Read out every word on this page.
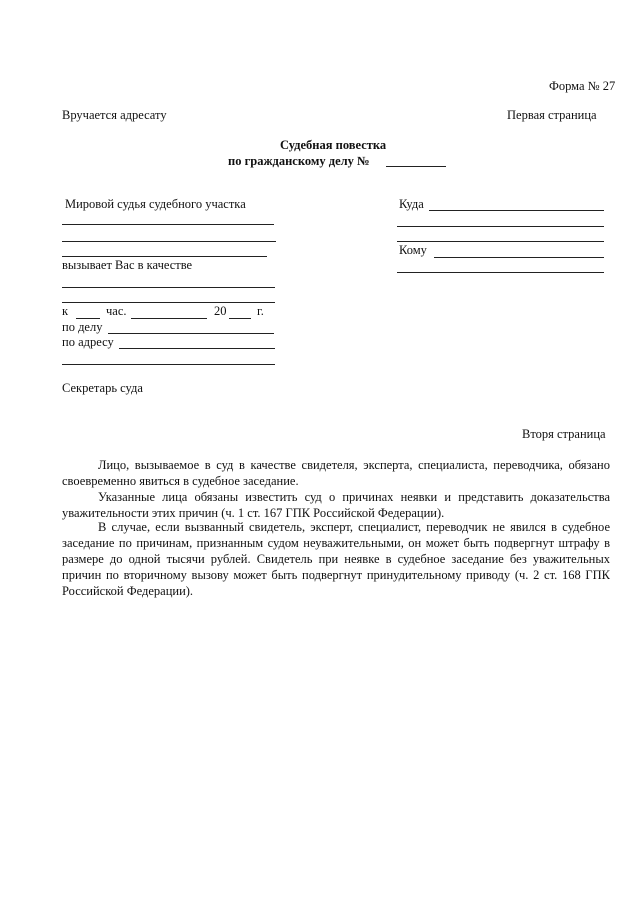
Форма № 27
Вручается адресату	Первая страница
Судебная повестка
по гражданскому делу №
Мировой судья судебного участка
вызывает Вас в качестве
к	час.	20 г.
по делу
по адресу
Куда
Кому
Секретарь суда
Вторя страница
Лицо, вызываемое в суд в качестве свидетеля, эксперта, специалиста, переводчика, обязано своевременно явиться в судебное заседание.
Указанные лица обязаны известить суд о причинах неявки и представить доказательства уважительности этих причин (ч. 1 ст. 167 ГПК Российской Федерации).
В случае, если вызванный свидетель, эксперт, специалист, переводчик не явился в судебное заседание по причинам, признанным судом неуважительными, он может быть подвергнут штрафу в размере до одной тысячи рублей. Свидетель при неявке в судебное заседание без уважительных причин по вторичному вызову может быть подвергнут принудительному приводу (ч. 2 ст. 168 ГПК Российской Федерации).
